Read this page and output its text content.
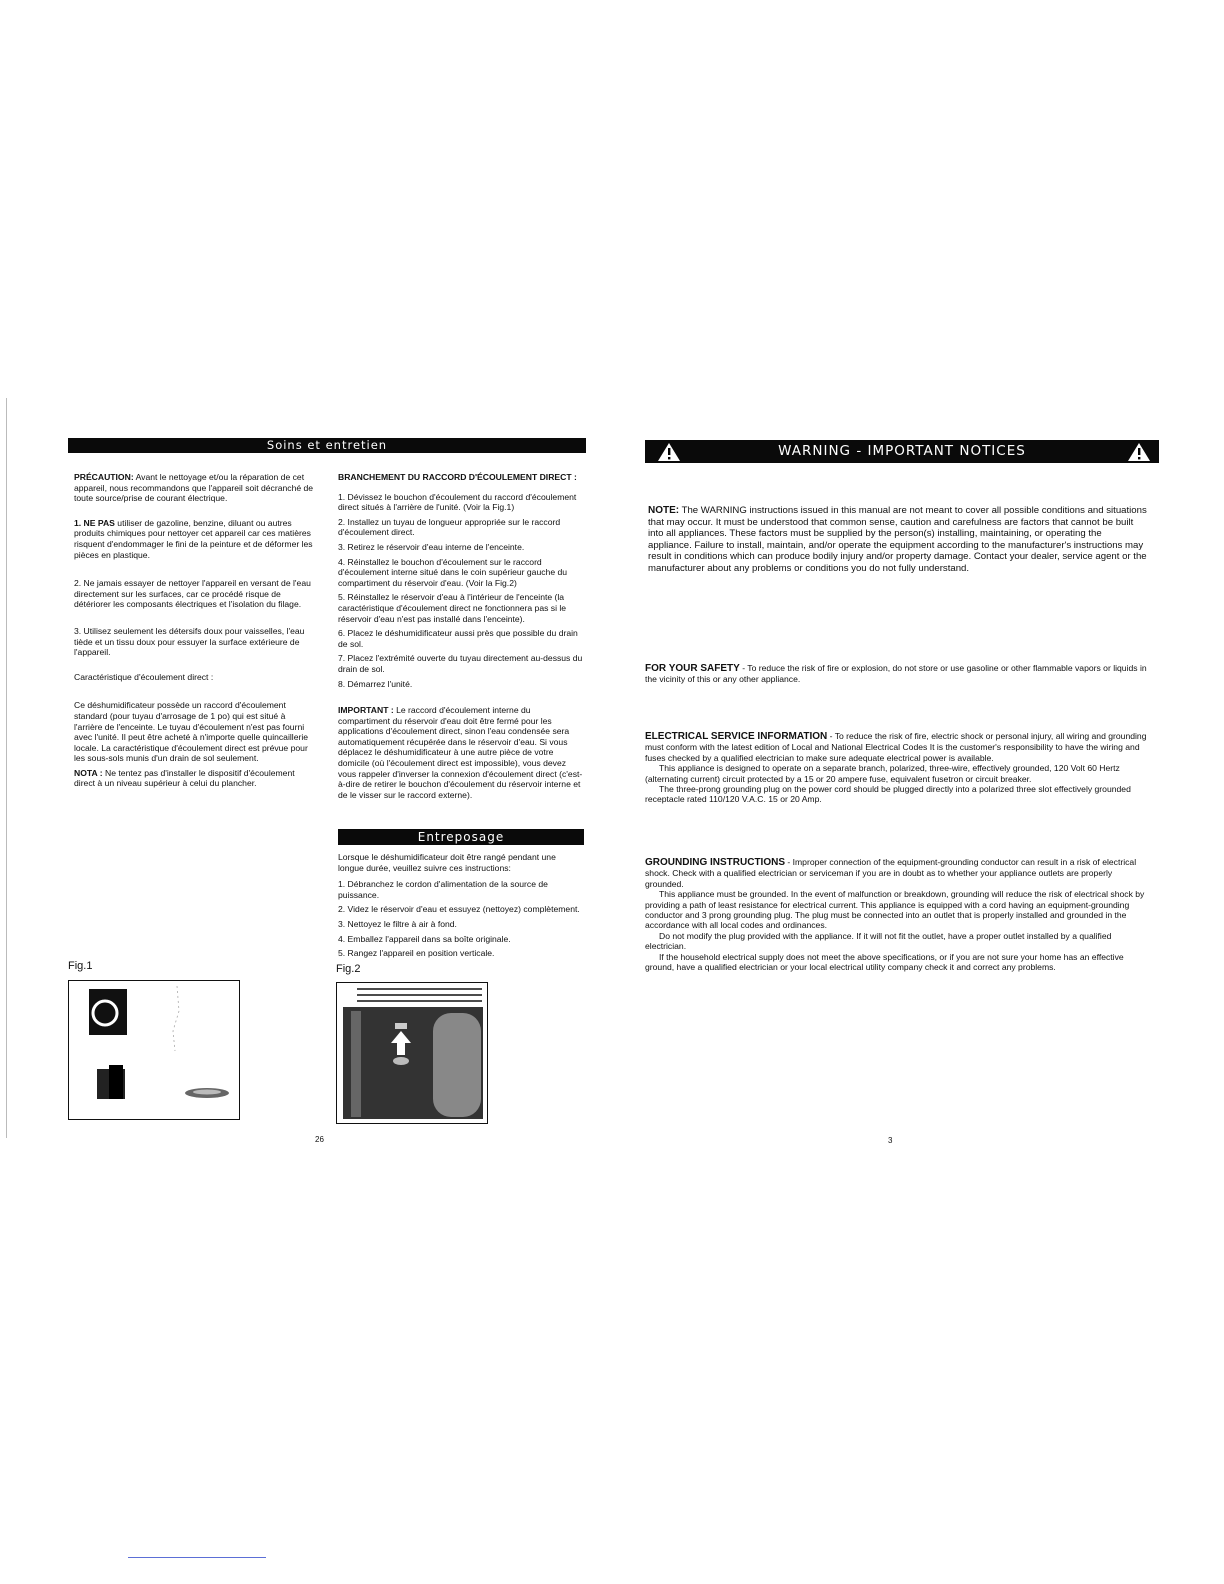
Soins et entretien

PRÉCAUTION: Avant le nettoyage et/ou la réparation de cet appareil, nous recommandons que l'appareil soit décranché de toute source/prise de courant électrique.

1. NE PAS utiliser de gazoline, benzine, diluant ou autres produits chimiques pour nettoyer cet appareil car ces matières risquent d'endommager le fini de la peinture et de déformer les pièces en plastique.

2. Ne jamais essayer de nettoyer l'appareil en versant de l'eau directement sur les surfaces, car ce procédé risque de détériorer les composants électriques et l'isolation du filage.

3. Utilisez seulement les détersifs doux pour vaisselles, l'eau tiède et un tissu doux pour essuyer la surface extérieure de l'appareil.

Caractéristique d'écoulement direct :

Ce déshumidificateur possède un raccord d'écoulement standard (pour tuyau d'arrosage de 1 po) qui est situé à l'arrière de l'enceinte. Le tuyau d'écoulement n'est pas fourni avec l'unité. Il peut être acheté à n'importe quelle quincaillerie locale. La caractéristique d'écoulement direct est prévue pour les sous-sols munis d'un drain de sol seulement.

NOTA : Ne tentez pas d'installer le dispositif d'écoulement direct à un niveau supérieur à celui du plancher.

Fig.1

BRANCHEMENT DU RACCORD D'ÉCOULEMENT DIRECT :

1. Dévissez le bouchon d'écoulement du raccord d'écoulement direct situés à l'arrière de l'unité. (Voir la Fig.1)

2. Installez un tuyau de longueur appropriée sur le raccord d'écoulement direct.

3. Retirez le réservoir d'eau interne de l'enceinte.

4. Réinstallez le bouchon d'écoulement sur le raccord d'écoulement interne situé dans le coin supérieur gauche du compartiment du réservoir d'eau. (Voir la Fig.2)

5. Réinstallez le réservoir d'eau à l'intérieur de l'enceinte (la caractéristique d'écoulement direct ne fonctionnera pas si le réservoir d'eau n'est pas installé dans l'enceinte).

6. Placez le déshumidificateur aussi près que possible du drain de sol.

7. Placez l'extrémité ouverte du tuyau directement au-dessus du drain de sol.

8. Démarrez l'unité.

IMPORTANT : Le raccord d'écoulement interne du compartiment du réservoir d'eau doit être fermé pour les applications d'écoulement direct, sinon l'eau condensée sera automatiquement récupérée dans le réservoir d'eau. Si vous déplacez le déshumidificateur à une autre pièce de votre domicile (où l'écoulement direct est impossible), vous devez vous rappeler d'inverser la connexion d'écoulement direct (c'est-à-dire de retirer le bouchon d'écoulement du réservoir interne et de le visser sur le raccord externe).

Entreposage

Lorsque le déshumidificateur doit être rangé pendant une longue durée, veuillez suivre ces instructions:

1. Débranchez le cordon d'alimentation de la source de puissance.

2. Videz le réservoir d'eau et essuyez (nettoyez) complètement.

3. Nettoyez le filtre à air à fond.

4. Emballez l'appareil dans sa boîte originale.

5. Rangez l'appareil en position verticale.

Fig.2
26
WARNING - IMPORTANT NOTICES

NOTE: The WARNING instructions issued in this manual are not meant to cover all possible conditions and situations that may occur. It must be understood that common sense, caution and carefulness are factors that cannot be built into all appliances. These factors must be supplied by the person(s) installing, maintaining, or operating the appliance. Failure to install, maintain, and/or operate the equipment according to the manufacturer's instructions may result in conditions which can produce bodily injury and/or property damage. Contact your dealer, service agent or the manufacturer about any problems or conditions you do not fully understand.

FOR YOUR SAFETY - To reduce the risk of fire or explosion, do not store or use gasoline or other flammable vapors or liquids in the vicinity of this or any other appliance.

ELECTRICAL SERVICE INFORMATION - To reduce the risk of fire, electric shock or personal injury, all wiring and grounding must conform with the latest edition of Local and National Electrical Codes It is the customer's responsibility to have the wiring and fuses checked by a qualified electrician to make sure adequate electrical power is available.

This appliance is designed to operate on a separate branch, polarized, three-wire, effectively grounded, 120 Volt 60 Hertz (alternating current) circuit protected by a 15 or 20 ampere fuse, equivalent fusetron or circuit breaker.

The three-prong grounding plug on the power cord should be plugged directly into a polarized three slot effectively grounded receptacle rated 110/120 V.A.C. 15 or 20 Amp.

GROUNDING INSTRUCTIONS - Improper connection of the equipment-grounding conductor can result in a risk of electrical shock. Check with a qualified electrician or serviceman if you are in doubt as to whether your appliance outlets are properly grounded.

This appliance must be grounded. In the event of malfunction or breakdown, grounding will reduce the risk of electrical shock by providing a path of least resistance for electrical current. This appliance is equipped with a cord having an equipment-grounding conductor and 3 prong grounding plug. The plug must be connected into an outlet that is properly installed and grounded in the accordance with all local codes and ordinances.

Do not modify the plug provided with the appliance. If it will not fit the outlet, have a proper outlet installed by a qualified electrician.

If the household electrical supply does not meet the above specifications, or if you are not sure your home has an effective ground, have a qualified electrician or your local electrical utility company check it and correct any problems.

3
